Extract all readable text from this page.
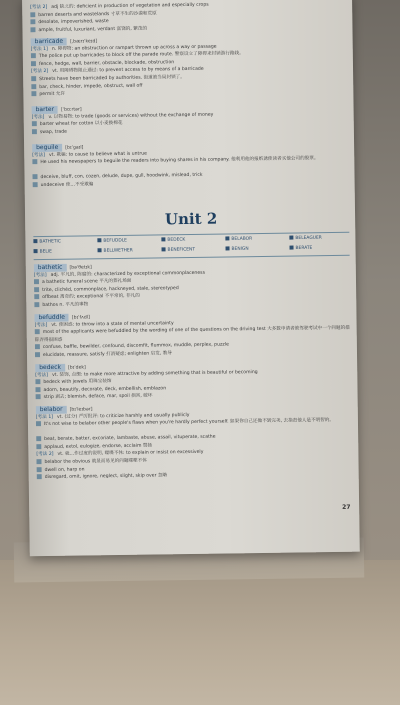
[考法 2] adj 缺乏的: deficient in production of vegetation and especially crops
barren deserts and wastelands 寸草不生的沙漠和荒原
desolate, impoverished, waste
ample, fruitful, luxuriant, verdant 富饶的, 繁茂的
barricade [ˌbærɪˈkeɪd]
[考法 1] n. 障碍物: an obstruction or rampart thrown up across a way or passage
The police put up barricades to block off the parade route. 警察设立了障碍来封锁游行路线。
fence, hedge, wall, barrier, obstacle, blockade, obstruction
[考法 2] vt. 用障碍物阻止通过: to prevent access to by means of a barricade
Streets have been barricaded by authorities. 街道被当局封锁了。
bar, check, hinder, impede, obstruct, wall off
permit 允许
barter [ˈbɑːrtər]
[考法] v. 以物易物: to trade (goods or services) without the exchange of money
barter wheat for cotton 以小麦换棉花
swap, trade
beguile [bɪˈɡaɪl]
[考法] vt. 欺骗: to cause to believe what is untrue
He used his newspapers to beguile the readers into buying shares in his company. 他利用他的报纸诱使读者买他公司的股票。
deceive, bluff, con, cozen, delude, dupe, gull, hoodwink, mislead, trick
undeceive 使…不受欺骗
Unit 2
BATHETIC	BEFUDDLE	BEDECK	BELABOR	BELEAGUER
BELIE	BELLWETHER	BENEFICENT	BENIGN	BERATE
bathetic [bəˈθetɪk]
[考法] adj. 平凡的, 陈腐的: characterized by exceptional commonplaceness
a bathetic funeral scene 平凡的葬礼场面
trite, clichéd, commonplace, hackneyed, stale, stereotyped
offbeat 离奇的; exceptional 不平常的, 非凡的
bathos n. 平凡的事物
befuddle [bɪˈfʌdl]
[考法] vt. 使困惑: to throw into a state of mental uncertainty
most of the applicants were befuddled by the wording of one of the questions on the driving test 大多数申请者被驾驶考试中一个问题的措辞弄得很困惑
confuse, baffle, bewilder, confound, discomfit, flummox, muddle, perplex, puzzle
elucidate, reassure, satisfy 打消疑虑; enlighten 启发, 教导
bedeck [bɪˈdek]
[考法] vt. 装饰, 点缀: to make more attractive by adding something that is beautiful or becoming
bedeck with jewels 用珠宝装饰
adorn, beautify, decorate, deck, embellish, emblazon
strip 剥去; blemish, deface, mar, spoil 损害, 破坏
belabor [bɪˈleɪbər]
[考法 1] vt. (过分) 严厉批评: to criticize harshly and usually publicly
It's not wise to belabor other people's flaws when you're hardly perfect yourself. 如果你自己还做不到完美, 去指责他人是不明智的。
beat, berate, batter, excoriate, lambaste, abuse, assail, vituperate, scathe
applaud, extol, eulogize, endorse, acclaim 赞扬
[考法 2] vt. 就…作过度的说明, 喋喋不休: to explain or insist on excessively
belabor the obvious 就显而易见的问题喋喋不休
dwell on, harp on
disregard, omit, ignore, neglect, slight, skip over 忽略
27
